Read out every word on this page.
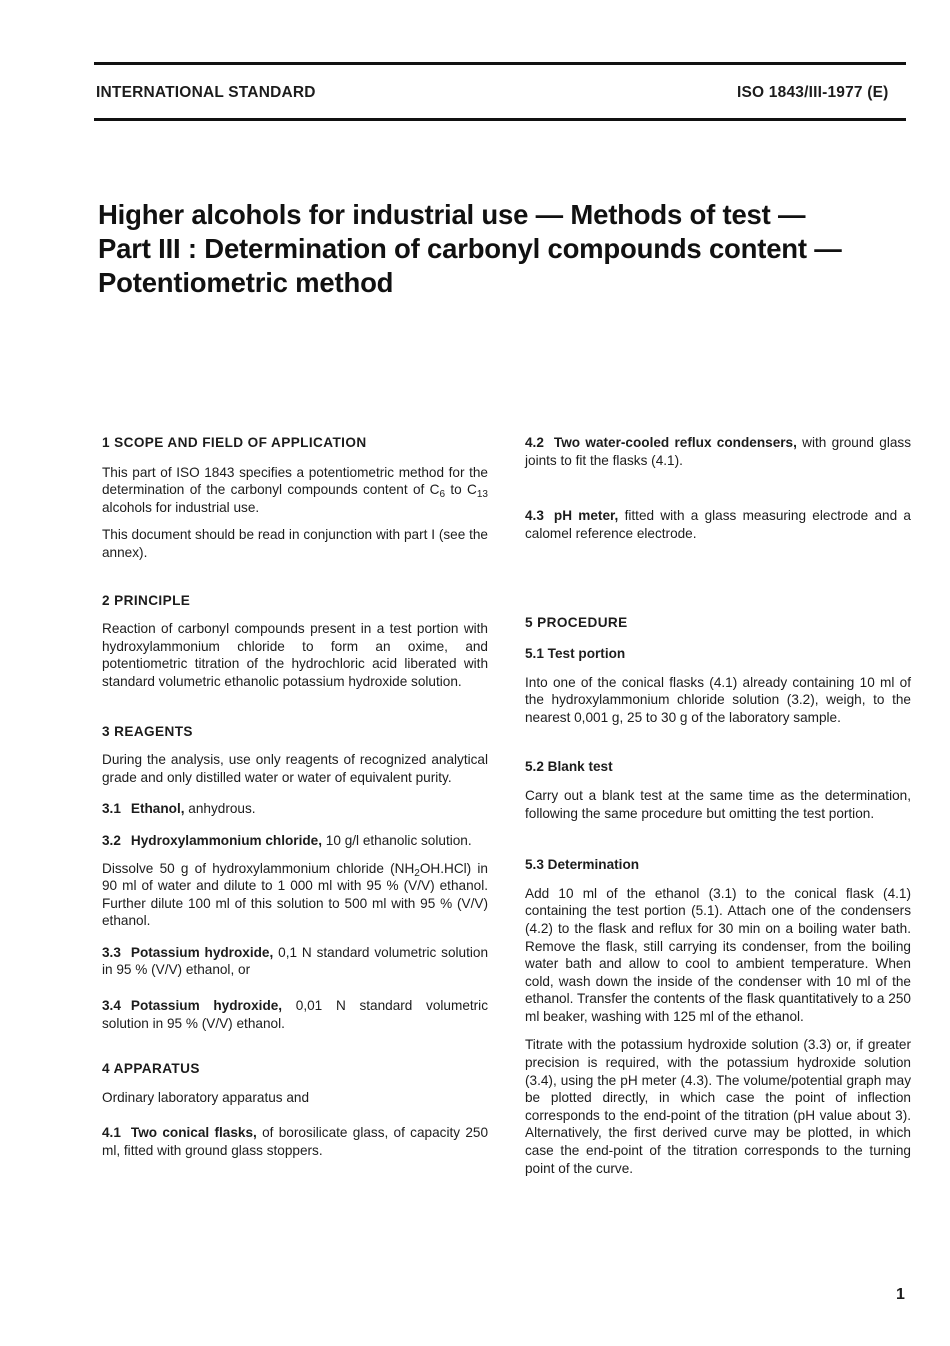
INTERNATIONAL STANDARD	ISO 1843/III-1977 (E)
Higher alcohols for industrial use — Methods of test —
Part III : Determination of carbonyl compounds content —
Potentiometric method

1 SCOPE AND FIELD OF APPLICATION

This part of ISO 1843 specifies a potentiometric method for the determination of the carbonyl compounds content of $C_6$ to $C_{13}$ alcohols for industrial use.

This document should be read in conjunction with part I (see the annex).

2 PRINCIPLE

Reaction of carbonyl compounds present in a test portion with hydroxylammonium chloride to form an oxime, and potentiometric titration of the hydrochloric acid liberated with standard volumetric ethanolic potassium hydroxide solution.

3 REAGENTS

During the analysis, use only reagents of recognized analytical grade and only distilled water or water of equivalent purity.

3.1 Ethanol, anhydrous.

3.2 Hydroxylammonium chloride, 10 g/l ethanolic solution.

Dissolve 50 g of hydroxylammonium chloride $(NH_2OH.HCl)$ in 90 ml of water and dilute to 1 000 ml with 95 % (V/V) ethanol. Further dilute 100 ml of this solution to 500 ml with 95 % (V/V) ethanol.

3.3 Potassium hydroxide, 0,1 N standard volumetric solution in 95 % (V/V) ethanol, or

3.4 Potassium hydroxide, 0,01 N standard volumetric solution in 95 % (V/V) ethanol.

4 APPARATUS

Ordinary laboratory apparatus and

4.1 Two conical flasks, of borosilicate glass, of capacity 250 ml, fitted with ground glass stoppers.

4.2 Two water-cooled reflux condensers, with ground glass joints to fit the flasks (4.1).

4.3 pH meter, fitted with a glass measuring electrode and a calomel reference electrode.

5 PROCEDURE

5.1 Test portion

Into one of the conical flasks (4.1) already containing 10 ml of the hydroxylammonium chloride solution (3.2), weigh, to the nearest 0,001 g, 25 to 30 g of the laboratory sample.

5.2 Blank test

Carry out a blank test at the same time as the determination, following the same procedure but omitting the test portion.

5.3 Determination

Add 10 ml of the ethanol (3.1) to the conical flask (4.1) containing the test portion (5.1). Attach one of the condensers (4.2) to the flask and reflux for 30 min on a boiling water bath. Remove the flask, still carrying its condenser, from the boiling water bath and allow to cool to ambient temperature. When cold, wash down the inside of the condenser with 10 ml of the ethanol. Transfer the contents of the flask quantitatively to a 250 ml beaker, washing with 125 ml of the ethanol.

Titrate with the potassium hydroxide solution (3.3) or, if greater precision is required, with the potassium hydroxide solution (3.4), using the pH meter (4.3). The volume/potential graph may be plotted directly, in which case the point of inflection corresponds to the end-point of the titration (pH value about 3). Alternatively, the first derived curve may be plotted, in which case the end-point of the titration corresponds to the turning point of the curve.

1
